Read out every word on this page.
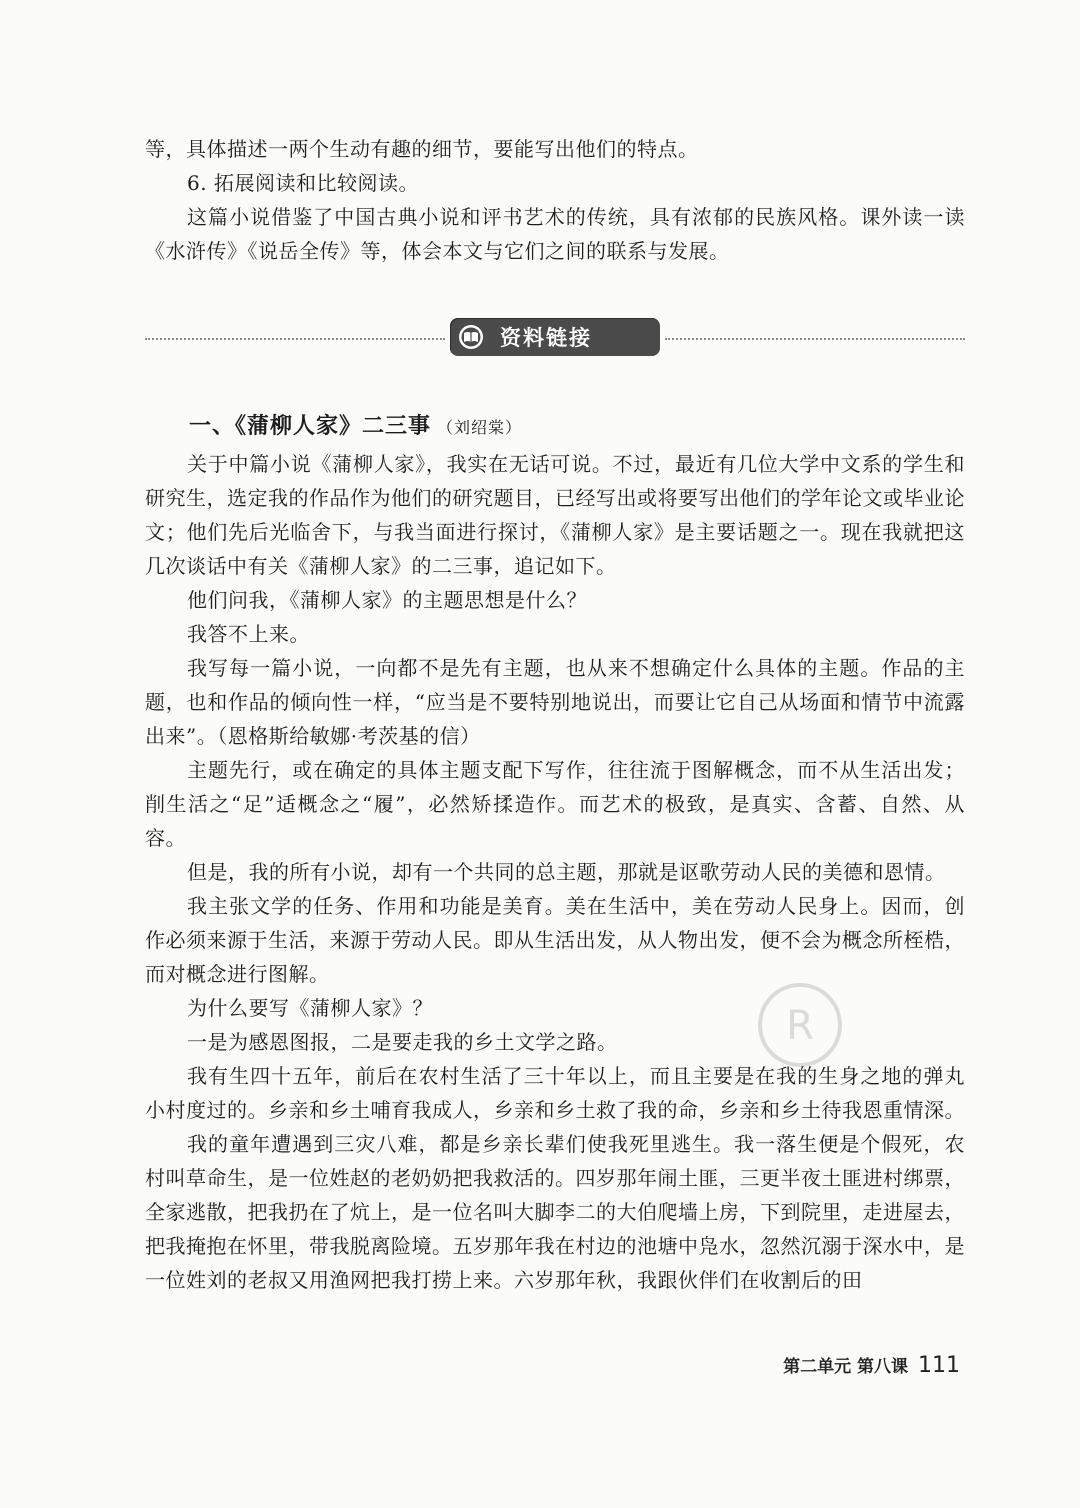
等，具体描述一两个生动有趣的细节，要能写出他们的特点。

6. 拓展阅读和比较阅读。

这篇小说借鉴了中国古典小说和评书艺术的传统，具有浓郁的民族风格。课外读一读《水浒传》《说岳全传》等，体会本文与它们之间的联系与发展。

资料链接
一、《蒲柳人家》二三事 （刘绍棠）

关于中篇小说《蒲柳人家》，我实在无话可说。不过，最近有几位大学中文系的学生和研究生，选定我的作品作为他们的研究题目，已经写出或将要写出他们的学年论文或毕业论文；他们先后光临舍下，与我当面进行探讨，《蒲柳人家》是主要话题之一。现在我就把这几次谈话中有关《蒲柳人家》的二三事，追记如下。

他们问我，《蒲柳人家》的主题思想是什么？

我答不上来。

我写每一篇小说，一向都不是先有主题，也从来不想确定什么具体的主题。作品的主题，也和作品的倾向性一样，“应当是不要特别地说出，而要让它自己从场面和情节中流露出来”。（恩格斯给敏娜·考茨基的信）

主题先行，或在确定的具体主题支配下写作，往往流于图解概念，而不从生活出发；削生活之“足”适概念之“履”，必然矫揉造作。而艺术的极致，是真实、含蓄、自然、从容。

但是，我的所有小说，却有一个共同的总主题，那就是讴歌劳动人民的美德和恩情。

我主张文学的任务、作用和功能是美育。美在生活中，美在劳动人民身上。因而，创作必须来源于生活，来源于劳动人民。即从生活出发，从人物出发，便不会为概念所桎梏，而对概念进行图解。

为什么要写《蒲柳人家》？

一是为感恩图报，二是要走我的乡土文学之路。

我有生四十五年，前后在农村生活了三十年以上，而且主要是在我的生身之地的弹丸小村度过的。乡亲和乡土哺育我成人，乡亲和乡土救了我的命，乡亲和乡土待我恩重情深。

我的童年遭遇到三灾八难，都是乡亲长辈们使我死里逃生。我一落生便是个假死，农村叫草命生，是一位姓赵的老奶奶把我救活的。四岁那年闹土匪，三更半夜土匪进村绑票，全家逃散，把我扔在了炕上，是一位名叫大脚李二的大伯爬墙上房，下到院里，走进屋去，把我掩抱在怀里，带我脱离险境。五岁那年我在村边的池塘中凫水，忽然沉溺于深水中，是一位姓刘的老叔又用渔网把我打捞上来。六岁那年秋，我跟伙伴们在收割后的田

R
第二单元 第八课 111
